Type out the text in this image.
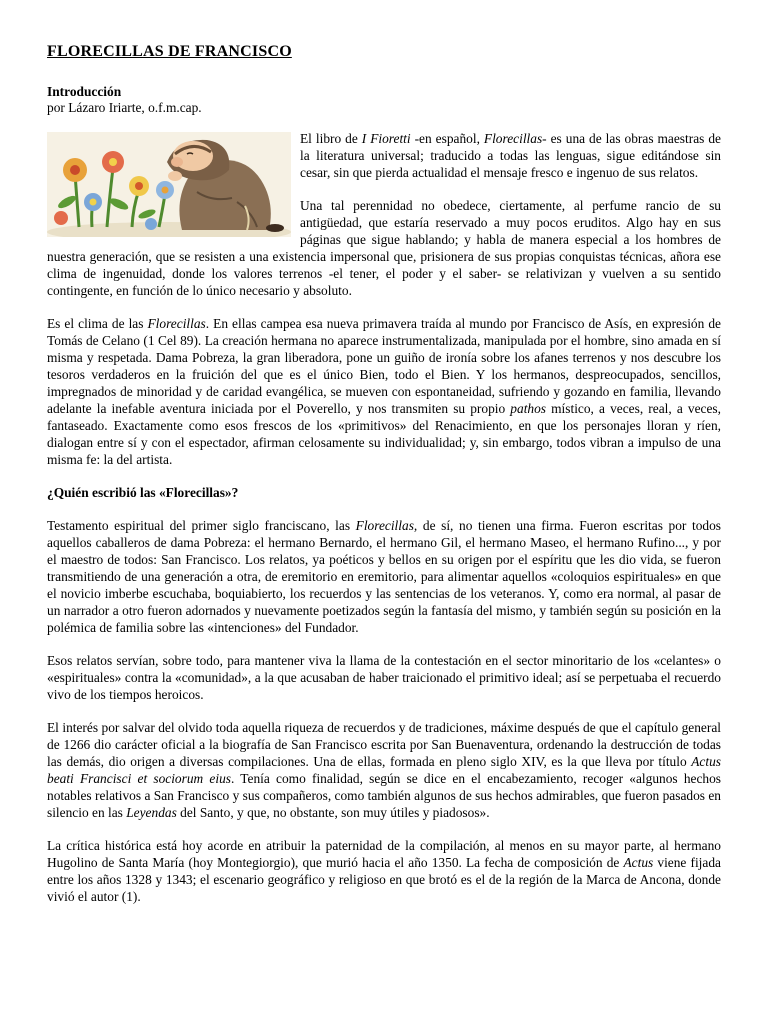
FLORECILLAS DE FRANCISCO
Introducción
por Lázaro Iriarte, o.f.m.cap.

El libro de I Fioretti -en español, Florecillas- es una de las obras maestras de la literatura universal; traducido a todas las lenguas, sigue editándose sin cesar, sin que pierda actualidad el mensaje fresco e ingenuo de sus relatos.

Una tal perennidad no obedece, ciertamente, al perfume rancio de su antigüedad, que estaría reservado a muy pocos eruditos. Algo hay en sus páginas que sigue hablando; y habla de manera especial a los hombres de nuestra generación, que se resisten a una existencia impersonal que, prisionera de sus propias conquistas técnicas, añora ese clima de ingenuidad, donde los valores terrenos -el tener, el poder y el saber- se relativizan y vuelven a su sentido contingente, en función de lo único necesario y absoluto.

Es el clima de las Florecillas. En ellas campea esa nueva primavera traída al mundo por Francisco de Asís, en expresión de Tomás de Celano (1 Cel 89). La creación hermana no aparece instrumentalizada, manipulada por el hombre, sino amada en sí misma y respetada. Dama Pobreza, la gran liberadora, pone un guiño de ironía sobre los afanes terrenos y nos descubre los tesoros verdaderos en la fruición del que es el único Bien, todo el Bien. Y los hermanos, despreocupados, sencillos, impregnados de minoridad y de caridad evangélica, se mueven con espontaneidad, sufriendo y gozando en familia, llevando adelante la inefable aventura iniciada por el Poverello, y nos transmiten su propio pathos místico, a veces, real, a veces, fantaseado. Exactamente como esos frescos de los «primitivos» del Renacimiento, en que los personajes lloran y ríen, dialogan entre sí y con el espectador, afirman celosamente su individualidad; y, sin embargo, todos vibran a impulso de una misma fe: la del artista.

¿Quién escribió las «Florecillas»?

Testamento espiritual del primer siglo franciscano, las Florecillas, de sí, no tienen una firma. Fueron escritas por todos aquellos caballeros de dama Pobreza: el hermano Bernardo, el hermano Gil, el hermano Maseo, el hermano Rufino..., y por el maestro de todos: San Francisco. Los relatos, ya poéticos y bellos en su origen por el espíritu que les dio vida, se fueron transmitiendo de una generación a otra, de eremitorio en eremitorio, para alimentar aquellos «coloquios espirituales» en que el novicio imberbe escuchaba, boquiabierto, los recuerdos y las sentencias de los veteranos. Y, como era normal, al pasar de un narrador a otro fueron adornados y nuevamente poetizados según la fantasía del mismo, y también según su posición en la polémica de familia sobre las «intenciones» del Fundador.

Esos relatos servían, sobre todo, para mantener viva la llama de la contestación en el sector minoritario de los «celantes» o «espirituales» contra la «comunidad», a la que acusaban de haber traicionado el primitivo ideal; así se perpetuaba el recuerdo vivo de los tiempos heroicos.

El interés por salvar del olvido toda aquella riqueza de recuerdos y de tradiciones, máxime después de que el capítulo general de 1266 dio carácter oficial a la biografía de San Francisco escrita por San Buenaventura, ordenando la destrucción de todas las demás, dio origen a diversas compilaciones. Una de ellas, formada en pleno siglo XIV, es la que lleva por título Actus beati Francisci et sociorum eius. Tenía como finalidad, según se dice en el encabezamiento, recoger «algunos hechos notables relativos a San Francisco y sus compañeros, como también algunos de sus hechos admirables, que fueron pasados en silencio en las Leyendas del Santo, y que, no obstante, son muy útiles y piadosos».

La crítica histórica está hoy acorde en atribuir la paternidad de la compilación, al menos en su mayor parte, al hermano Hugolino de Santa María (hoy Montegiorgio), que murió hacia el año 1350. La fecha de composición de Actus viene fijada entre los años 1328 y 1343; el escenario geográfico y religioso en que brotó es el de la región de la Marca de Ancona, donde vivió el autor (1).
